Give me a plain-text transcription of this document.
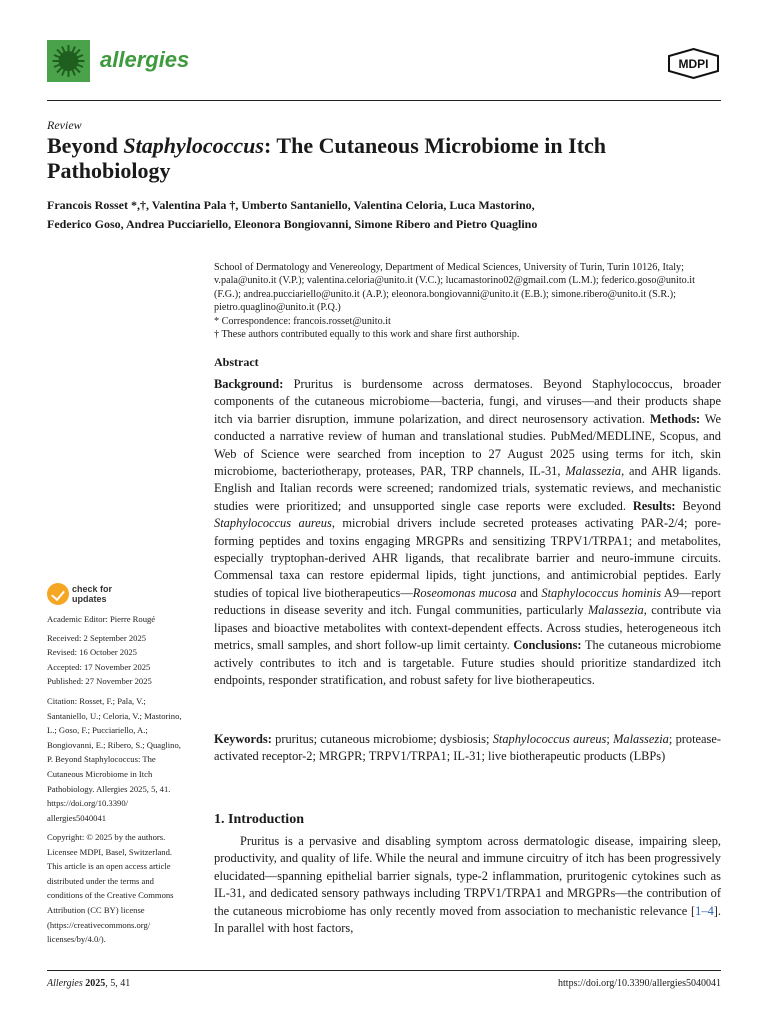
allergies	MDPI
Review
Beyond Staphylococcus: The Cutaneous Microbiome in Itch Pathobiology
Francois Rosset *,†, Valentina Pala †, Umberto Santaniello, Valentina Celoria, Luca Mastorino,
Federico Goso, Andrea Pucciariello, Eleonora Bongiovanni, Simone Ribero and Pietro Quaglino
School of Dermatology and Venereology, Department of Medical Sciences, University of Turin, Turin 10126, Italy; v.pala@unito.it (V.P.); valentina.celoria@unito.it (V.C.); lucamastorino02@gmail.com (L.M.); federico.goso@unito.it (F.G.); andrea.pucciariello@unito.it (A.P.); eleonora.bongiovanni@unito.it (E.B.); simone.ribero@unito.it (S.R.); pietro.quaglino@unito.it (P.Q.)
* Correspondence: francois.rosset@unito.it
† These authors contributed equally to this work and share first authorship.
Abstract
Background: Pruritus is burdensome across dermatoses. Beyond Staphylococcus, broader components of the cutaneous microbiome—bacteria, fungi, and viruses—and their products shape itch via barrier disruption, immune polarization, and direct neurosensory activation. Methods: We conducted a narrative review of human and translational studies. PubMed/MEDLINE, Scopus, and Web of Science were searched from inception to 27 August 2025 using terms for itch, skin microbiome, bacteriotherapy, proteases, PAR, TRP channels, IL-31, Malassezia, and AHR ligands. English and Italian records were screened; randomized trials, systematic reviews, and mechanistic studies were prioritized; and unsupported single case reports were excluded. Results: Beyond Staphylococcus aureus, microbial drivers include secreted proteases activating PAR-2/4; pore-forming peptides and toxins engaging MRGPRs and sensitizing TRPV1/TRPA1; and metabolites, especially tryptophan-derived AHR ligands, that recalibrate barrier and neuro-immune circuits. Commensal taxa can restore epidermal lipids, tight junctions, and antimicrobial peptides. Early studies of topical live biotherapeutics—Roseomonas mucosa and Staphylococcus hominis A9—report reductions in disease severity and itch. Fungal communities, particularly Malassezia, contribute via lipases and bioactive metabolites with context-dependent effects. Across studies, heterogeneous itch metrics, small samples, and short follow-up limit certainty. Conclusions: The cutaneous microbiome actively contributes to itch and is targetable. Future studies should prioritize standardized itch endpoints, responder stratification, and robust safety for live biotherapeutics.
Keywords: pruritus; cutaneous microbiome; dysbiosis; Staphylococcus aureus; Malassezia; protease-activated receptor-2; MRGPR; TRPV1/TRPA1; IL-31; live biotherapeutic products (LBPs)
check for
updates
Academic Editor: Pierre Rougé
Received: 2 September 2025
Revised: 16 October 2025
Accepted: 17 November 2025
Published: 27 November 2025
Citation: Rosset, F.; Pala, V.;
Santaniello, U.; Celoria, V.; Mastorino,
L.; Goso, F.; Pucciariello, A.;
Bongiovanni, E.; Ribero, S.; Quaglino,
P. Beyond Staphylococcus: The
Cutaneous Microbiome in Itch
Pathobiology. Allergies 2025, 5, 41.
https://doi.org/10.3390/
allergies5040041
Copyright: © 2025 by the authors.
Licensee MDPI, Basel, Switzerland.
This article is an open access article
distributed under the terms and
conditions of the Creative Commons
Attribution (CC BY) license
(https://creativecommons.org/
licenses/by/4.0/).
1. Introduction
Pruritus is a pervasive and disabling symptom across dermatologic disease, impairing sleep, productivity, and quality of life. While the neural and immune circuitry of itch has been progressively elucidated—spanning epithelial barrier signals, type-2 inflammation, pruritogenic cytokines such as IL-31, and dedicated sensory pathways including TRPV1/TRPA1 and MRGPRs—the contribution of the cutaneous microbiome has only recently moved from association to mechanistic relevance [1–4]. In parallel with host factors,
Allergies 2025, 5, 41	https://doi.org/10.3390/allergies5040041
